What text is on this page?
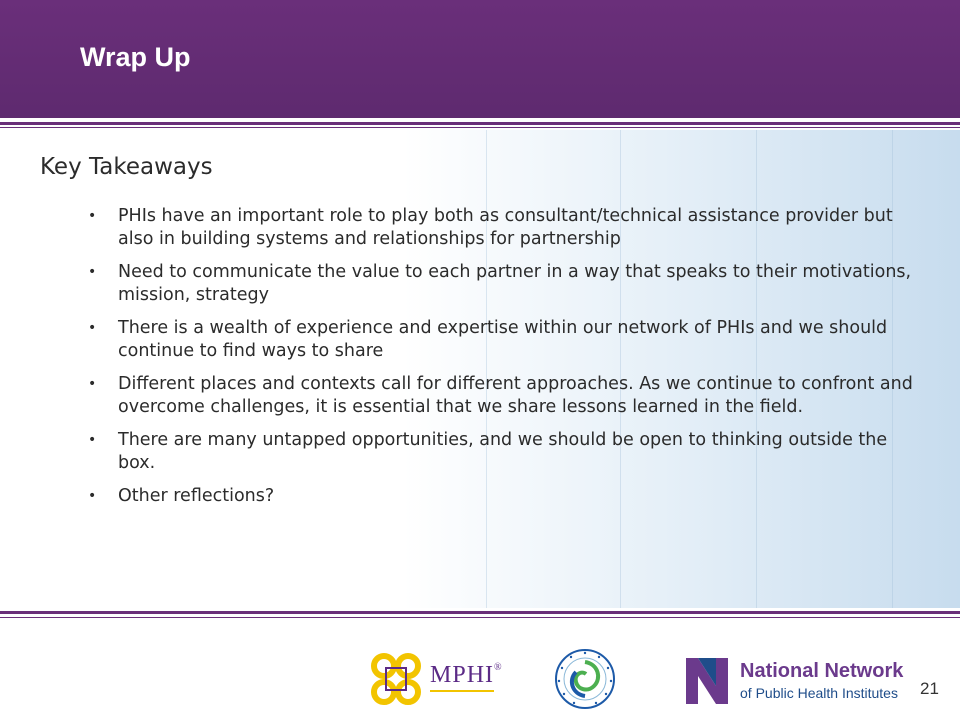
Wrap Up
Key Takeaways
• PHIs have an important role to play both as consultant/technical assistance provider but also in building systems and relationships for partnership
• Need to communicate the value to each partner in a way that speaks to their motivations, mission, strategy
• There is a wealth of experience and expertise within our network of PHIs and we should continue to find ways to share
• Different places and contexts call for different approaches. As we continue to confront and overcome challenges, it is essential that we share lessons learned in the field.
• There are many untapped opportunities, and we should be open to thinking outside the box.
• Other reflections?
MPHI®	National Network
of Public Health Institutes 21
